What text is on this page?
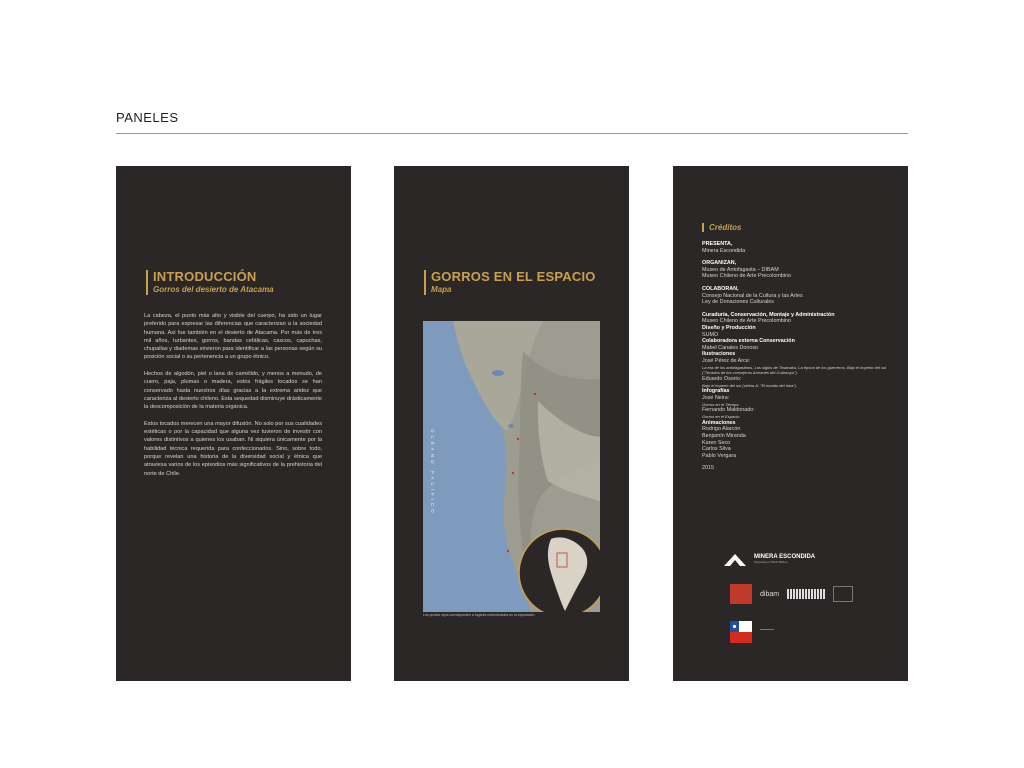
PANELES
INTRODUCCIÓN
Gorros del desierto de Atacama

La cabeza, el punto más alto y visible del cuerpo, ha sido un lugar preferido para expresar las diferencias que caracterizan a la sociedad humana. Así fue también en el desierto de Atacama. Por más de tres mil años, turbantes, gorros, bandas cefálicas, cascos, capuchas, chupallas y diademas sirvieron para identificar a las personas según su posición social o su pertenencia a un grupo étnico.

Hechos de algodón, piel o lana de camélido, y menos a menudo, de cuero, paja, plumas o madera, estos frágiles tocados se han conservado hasta nuestros días gracias a la extrema aridez que caracteriza al desierto chileno. Esta sequedad disminuye drásticamente la descomposición de la materia orgánica.

Estos tocados merecen una mayor difusión. No solo por sus cualidades estéticas o por la capacidad que alguna vez tuvieron de investir con valores distintivos a quienes los usaban. Ni siquiera únicamente por la habilidad técnica requerida para confeccionarlos. Sino, sobre todo, porque revelan una historia de la diversidad social y étnica que atraviesa varios de los episodios más significativos de la prehistoria del norte de Chile.

GORROS EN EL ESPACIO
Mapa
OCÉANO PACÍFICO
Los puntos rojos corresponden a lugares mencionados en la exposición.
Créditos
PRESENTA,
Minera Escondida
ORGANIZAN,
Museo de Antofagasta – DIBAM
Museo Chileno de Arte Precolombino
COLABORAN,
Consejo Nacional de la Cultura y las Artes
Ley de Donaciones Culturales
Curaduría, Conservación, Montaje y Administración
Museo Chileno de Arte Precolombino
Diseño y Producción
SUMO
Colaboradora externa Conservación
Mabel Canales Donoso
Ilustraciones
José Pérez de Arce:
La era de los antofagastinos, Los siglos de Tiwanaku, La época de los guerreros, Bajo el imperio del sol ("Tocados de los consejeros Armanes del Collasuyu").
Eduardo Osorio:
Bajo el imperio del sol (vitrina A: "El tocado del Inka").
Infografías
José Neira:
Gorros en el Tiempo.
Fernando Maldonado:
Gorros en el Espacio.
Animaciones
Rodrigo Alarcón
Benjamín Miranda
Karen Seco
Carlos Silva
Pablo Vergara
2015
MINERA ESCONDIDA
Operada por BHP Billiton
dibam
